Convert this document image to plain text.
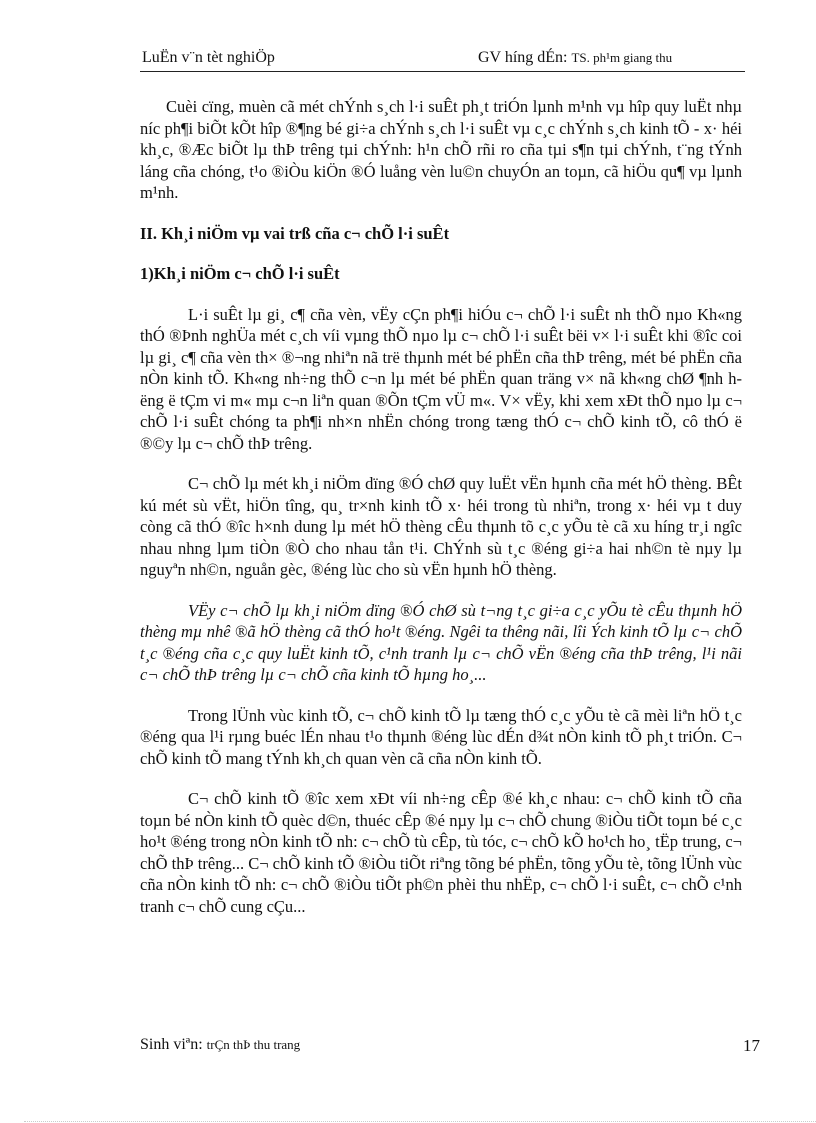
LuËn v¨n tèt nghiÖp	GV híng dÉn: TS. ph¹m giang thu

Cuèi cïng, muèn cã mét chÝnh s¸ch l·i suÊt ph¸t triÓn lµnh m¹nh vµ hîp quy luËt nhµ níc ph¶i biÕt kÕt hîp ®¶ng bé gi÷a chÝnh s¸ch l·i suÊt vµ c¸c chÝnh s¸ch kinh tÕ - x· héi kh¸c, ®Æc biÕt lµ thÞ trêng tµi chÝnh: h¹n chÕ rñi ro cña tµi s¶n tµi chÝnh, t¨ng tÝnh láng cña chóng, t¹o ®iÒu kiÖn ®Ó luång vèn lu©n chuyÓn an toµn, cã hiÖu qu¶ vµ lµnh m¹nh.

II. Kh¸i niÖm vµ vai trß cña c¬ chÕ l·i suÊt

1)Kh¸i niÖm c¬ chÕ l·i suÊt

L·i suÊt lµ gi¸ c¶ cña vèn, vËy cÇn ph¶i hiÓu c¬ chÕ l·i suÊt nh thÕ nµo Kh«ng thÓ ®Þnh nghÜa mét c¸ch víi vµng thÕ nµo lµ c¬ chÕ l·i suÊt bëi v× l·i suÊt khi ®îc coi lµ gi¸ c¶ cña vèn th× ®¬ng nhiªn nã trë thµnh mét bé phËn cña thÞ trêng, mét bé phËn cña nÒn kinh tÕ. Kh«ng nh÷ng thÕ c¬n lµ mét bé phËn quan träng v× nã kh«ng chØ ¶nh hëng ë tÇm vi m« mµ c¬n liªn quan ®Õn tÇm vÜ m«. V× vËy, khi xem xÐt thÕ nµo lµ c¬ chÕ l·i suÊt chóng ta ph¶i nh×n nhËn chóng trong tæng thÓ c¬ chÕ kinh tÕ, cô thÓ ë ®©y lµ c¬ chÕ thÞ trêng.

C¬ chÕ lµ mét kh¸i niÖm dïng ®Ó chØ quy luËt vËn hµnh cña mét hÖ thèng. BÊt kú mét sù vËt, hiÖn tîng, qu¸ tr×nh kinh tÕ x· héi trong tù nhiªn, trong x· héi vµ t duy còng cã thÓ ®îc h×nh dung lµ mét hÖ thèng cÊu thµnh tõ c¸c yÕu tè cã xu híng tr¸i ngîc nhau nhng lµm tiÒn ®Ò cho nhau tån t¹i. ChÝnh sù t¸c ®éng gi÷a hai nh©n tè nµy lµ nguyªn nh©n, nguån gèc, ®éng lùc cho sù vËn hµnh hÖ thèng.

VËy c¬ chÕ lµ kh¸i niÖm dïng ®Ó chØ sù t¬ng t¸c gi÷a c¸c yÕu tè cÊu thµnh hÖ thèng mµ nhê ®ã hÖ thèng cã thÓ ho¹t ®éng. Ngêi ta thêng nãi, lîi Ých kinh tÕ lµ c¬ chÕ t¸c ®éng cña c¸c quy luËt kinh tÕ, c¹nh tranh lµ c¬ chÕ vËn ®éng cña thÞ trêng, l¹i nãi c¬ chÕ thÞ trêng lµ c¬ chÕ cña kinh tÕ hµng ho¸...

Trong lÜnh vùc kinh tÕ, c¬ chÕ kinh tÕ lµ tæng thÓ c¸c yÕu tè cã mèi liªn hÖ t¸c ®éng qua l¹i rµng buéc lÉn nhau t¹o thµnh ®éng lùc dÉn d¾t nÒn kinh tÕ ph¸t triÓn. C¬ chÕ kinh tÕ mang tÝnh kh¸ch quan vèn cã cña nÒn kinh tÕ.

C¬ chÕ kinh tÕ ®îc xem xÐt víi nh÷ng cÊp ®é kh¸c nhau: c¬ chÕ kinh tÕ cña toµn bé nÒn kinh tÕ quèc d©n, thuéc cÊp ®é nµy lµ c¬ chÕ chung ®iÒu tiÕt toµn bé c¸c ho¹t ®éng trong nÒn kinh tÕ nh: c¬ chÕ tù cÊp, tù tóc, c¬ chÕ kÕ ho¹ch ho¸ tËp trung, c¬ chÕ thÞ trêng... C¬ chÕ kinh tÕ ®iÒu tiÕt riªng tõng bé phËn, tõng yÕu tè, tõng lÜnh vùc cña nÒn kinh tÕ nh: c¬ chÕ ®iÒu tiÕt ph©n phèi thu nhËp, c¬ chÕ l·i suÊt, c¬ chÕ c¹nh tranh c¬ chÕ cung cÇu...

Sinh viªn: trÇn thÞ thu trang	17
